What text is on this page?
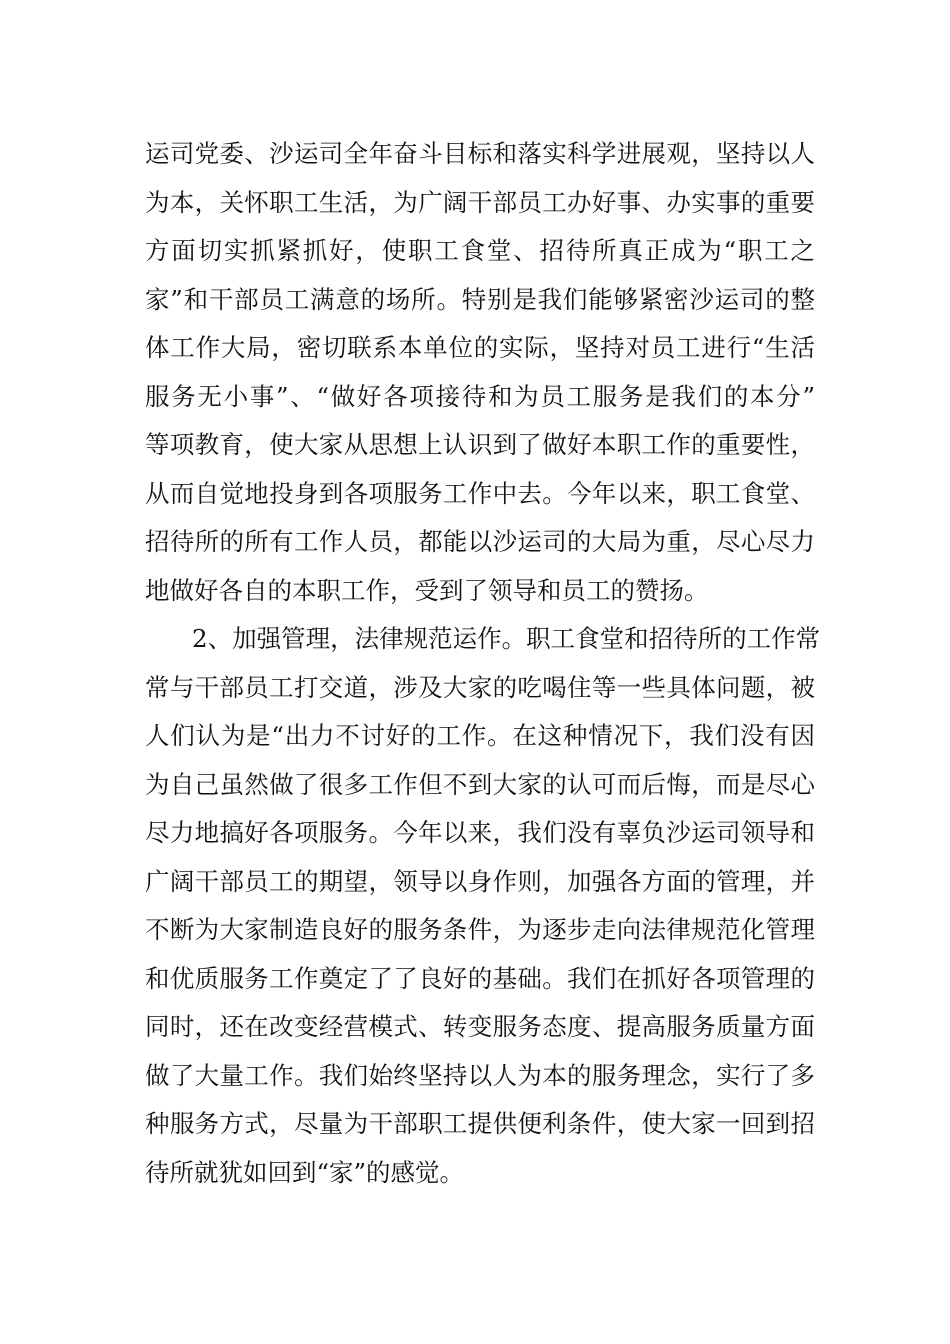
运司党委、沙运司全年奋斗目标和落实科学进展观，坚持以人
为本，关怀职工生活，为广阔干部员工办好事、办实事的重要
方面切实抓紧抓好，使职工食堂、招待所真正成为“职工之
家”和干部员工满意的场所。特别是我们能够紧密沙运司的整
体工作大局，密切联系本单位的实际，坚持对员工进行“生活
服务无小事”、“做好各项接待和为员工服务是我们的本分”
等项教育，使大家从思想上认识到了做好本职工作的重要性，
从而自觉地投身到各项服务工作中去。今年以来，职工食堂、
招待所的所有工作人员，都能以沙运司的大局为重，尽心尽力
地做好各自的本职工作，受到了领导和员工的赞扬。
2、加强管理，法律规范运作。职工食堂和招待所的工作常
常与干部员工打交道，涉及大家的吃喝住等一些具体问题，被
人们认为是“出力不讨好的工作。在这种情况下，我们没有因
为自己虽然做了很多工作但不到大家的认可而后悔，而是尽心
尽力地搞好各项服务。今年以来，我们没有辜负沙运司领导和
广阔干部员工的期望，领导以身作则，加强各方面的管理，并
不断为大家制造良好的服务条件，为逐步走向法律规范化管理
和优质服务工作奠定了了良好的基础。我们在抓好各项管理的
同时，还在改变经营模式、转变服务态度、提高服务质量方面
做了大量工作。我们始终坚持以人为本的服务理念，实行了多
种服务方式，尽量为干部职工提供便利条件，使大家一回到招
待所就犹如回到“家”的感觉。
